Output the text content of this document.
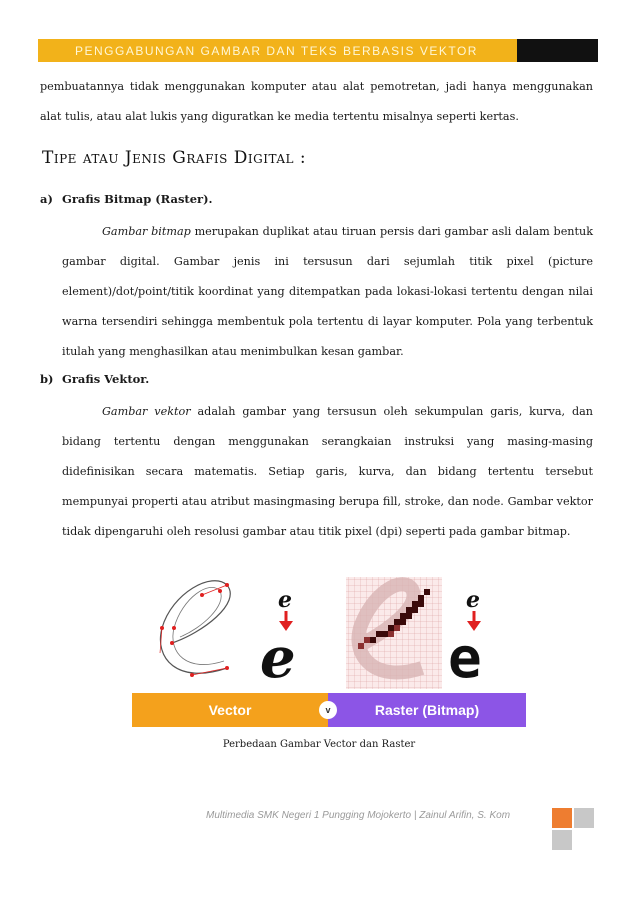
PENGGABUNGAN GAMBAR DAN TEKS BERBASIS VEKTOR
pembuatannya tidak menggunakan komputer atau alat pemotretan, jadi hanya menggunakan alat tulis, atau alat lukis yang diguratkan ke media tertentu misalnya seperti kertas.
Tipe atau Jenis Grafis Digital :
a) Grafis Bitmap (Raster).
Gambar bitmap merupakan duplikat atau tiruan persis dari gambar asli dalam bentuk gambar digital. Gambar jenis ini tersusun dari sejumlah titik pixel (picture element)/dot/point/titik koordinat yang ditempatkan pada lokasi-lokasi tertentu dengan nilai warna tersendiri sehingga membentuk pola tertentu di layar komputer. Pola yang terbentuk itulah yang menghasilkan atau menimbulkan kesan gambar.
b) Grafis Vektor.
Gambar vektor adalah gambar yang tersusun oleh sekumpulan garis, kurva, dan bidang tertentu dengan menggunakan serangkaian instruksi yang masing-masing didefinisikan secara matematis. Setiap garis, kurva, dan bidang tertentu tersebut mempunyai properti atau atribut masingmasing berupa fill, stroke, dan node. Gambar vektor tidak dipengaruhi oleh resolusi gambar atau titik pixel (dpi) seperti pada gambar bitmap.
e
e
e
e
Vector	Raster (Bitmap)
v
Perbedaan Gambar Vector dan Raster
Multimedia SMK Negeri 1 Pungging Mojokerto | Zainul Arifin, S. Kom
